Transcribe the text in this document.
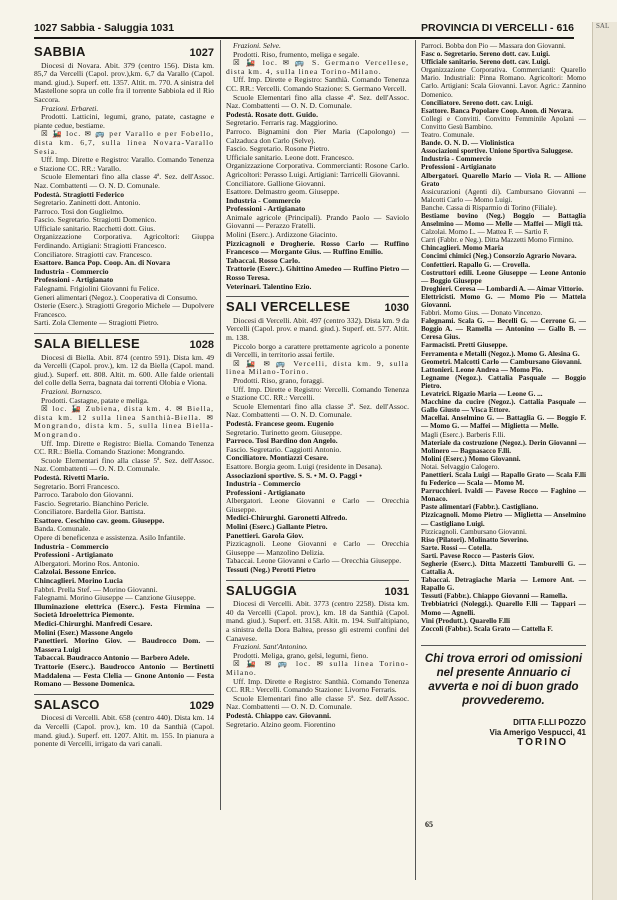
1027 Sabbia - Saluggia 1031	PROVINCIA DI VERCELLI - 616
SABBIA	1027

Diocesi di Novara. Abit. 379 (centro 156). Dista km. 85,7 da Vercelli (Capol. prov.),km. 6,7 da Varallo (Capol. mand. giud.). Superf. ett. 1357. Altit. m. 770. A sinistra del Mastellone sopra un colle fra il torrente Sabbiola ed il Rio Saccora.

Frazioni. Erbareti.

Prodotti. Latticini, legumi, grano, patate, castagne e piante cedue, bestiame.

☒ 🚂 loc. ✉ 🚌 per Varallo e per Fobello, dista km. 6,7, sulla linea Novara-Varallo Sesia.

Uff. Imp. Dirette e Registro: Varallo. Comando Tenenza e Stazione CC. RR.: Varallo.

Scuole Elementari fino alla classe 4ª. Sez. dell'Assoc. Naz. Combattenti — O. N. D. Comunale.

Podestà. Stragiotti Federico

Segretario. Zaninetti dott. Antonio.

Parroco. Tosi don Guglielmo.

Fascio. Segretario. Stragiotti Domenico.

Ufficiale sanitario. Racchetti dott. Gius.

Organizzazione Corporativa. Agricoltori: Giuppa Ferdinando. Artigiani: Stragiotti Francesco.

Conciliatore. Stragiotti cav. Francesco.

Esattore. Banca Pop. Coop. An. di Novara

Industria - Commercio

Professioni - Artigianato

Falegnami. Frigiolini Giovanni fu Felice.

Generi alimentari (Negoz.). Cooperativa di Consumo.

Osterie (Eserc.). Stragiotti Gregorio Michele — Dupolvere Francesco.

Sarti. Zola Clemente — Stragiotti Pietro.

SALA BIELLESE	1028

Diocesi di Biella. Abit. 874 (centro 591). Dista km. 49 da Vercelli (Capol. prov.), km. 12 da Biella (Capol. mand. giud.). Superf. ett. 808. Altit. m. 600. Alle falde orientali del colle della Serra, bagnata dai torrenti Olobia e Viona.

Frazioni. Bornasco.

Prodotti. Castagne, patate e meliga.

☒ loc. 🚂 Zubiena, dista km. 4. ✉ Biella, dista km. 12 sulla linea Santhià-Biella. ✉ Mongrando, dista km. 5, sulla linea Biella-Mongrando.

Uff. Imp. Dirette e Registro: Biella. Comando Tenenza CC. RR.: Biella. Comando Stazione: Mongrando.

Scuole Elementari fino alla classe 5ª. Sez. dell'Assoc. Naz. Combattenti — O. N. D. Comunale.

Podestà. Rivetti Mario.

Segretario. Borri Francesco.

Parroco. Tarabolo don Giovanni.

Fascio. Segretario. Bianchino Pericle.

Conciliatore. Bardella Gior. Battista.

Esattore. Ceschino cav. geom. Giuseppe.

Banda. Comunale.

Opere di beneficenza e assistenza. Asilo Infantile.

Industria - Commercio

Professioni - Artigianato

Albergatori. Morino Ros. Antonio.

Calzolai. Bessone Enrico.

Chincaglieri. Morino Lucia

Fabbri. Prella Stef. — Morino Giovanni.

Falegnami. Morino Giuseppe — Canzione Giuseppe.

Illuminazione elettrica (Eserc.). Festa Firmina — Società Idroelettrica Piemonte.

Medici-Chirurghi. Manfredi Cesare.

Molini (Eser.) Massone Angelo

Panettieri. Morino Giov. — Baudrocco Dom. — Massera Luigi

Tabaccai. Baudracco Antonio — Barbero Adele.

Trattorie (Eserc.). Baudrocco Antonio — Bertinetti Maddalena — Festa Clelia — Gnone Antonio — Festa Romano — Bessone Domenica.

SALASCO	1029

Diocesi di Vercelli. Abit. 658 (centro 440). Dista km. 14 da Vercelli (Capol. prov.), km. 10 da Santhià (Capol. mand. giud.). Superf. ett. 1207. Altit. m. 155. In pianura a ponente di Vercelli, irrigato da vari canali.

Frazioni. Selve.

Prodotti. Riso, frumento, meliga e segale.

☒ 🚂 loc. ✉ 🚌 S. Germano Vercellese, dista km. 4, sulla linea Torino-Milano.

Uff. Imp. Dirette e Registro: Santhià. Comando Tenenza CC. RR.: Vercelli. Comando Stazione: S. Germano Vercell.

Scuole Elementari fino alla classe 4ª. Sez. dell'Assoc. Naz. Combattenti — O. N. D. Comunale.

Podestà. Rosate dott. Guido.

Segretario. Ferraris rag. Maggiorino.

Parroco. Bignamini don Pier Maria (Capolongo) — Calzaduca don Carlo (Selve).

Fascio. Segretario. Rosone Pietro.

Ufficiale sanitario. Leone dott. Francesco.

Organizzazione Corporativa. Commercianti: Rosone Carlo. Agricoltori: Perasso Luigi. Artigiani: Tarricelli Giovanni.

Conciliatore. Gallione Giovanni.

Esattore. Delmastro geom. Giuseppe.

Industria - Commercio

Professioni - Artigianato

Animale agricole (Principali). Prando Paolo — Saviolo Giovanni — Perazzo Fratelli.

Molini (Eserc.). Ardizzone Giacinto.

Pizzicagnoli e Drogherie. Rosso Carlo — Ruffino Francesco — Morgante Gius. — Ruffino Emilio.

Tabaccai. Rosso Carlo.

Trattorie (Eserc.). Ghittino Amedeo — Ruffino Pietro — Rosso Teresa.

Veterinari. Talentino Ezio.

SALI VERCELLESE	1030

Diocesi di Vercelli. Abit. 497 (centro 332). Dista km. 9 da Vercelli (Capol. prov. e mand. giud.). Superf. ett. 577. Altit. m. 138.

Piccolo borgo a carattere prettamente agricolo a ponente di Vercelli, in territorio assai fertile.

☒ 🚂 ✉ 🚌 Vercelli, dista km. 9, sulla linea Milano-Torino.

Prodotti. Riso, grano, foraggi.

Uff. Imp. Dirette e Registro: Vercelli. Comando Tenenza e Stazione CC. RR.: Vercelli.

Scuole Elementari fino alla classe 3ª. Sez. dell'Assoc. Naz. Combattenti — O. N. D. Comunale.

Podestà. Francese geom. Eugenio

Segretario. Turinetto geom. Giuseppe.

Parroco. Tosi Bardino don Angelo.

Fascio. Segretario. Caggiotti Antonio.

Conciliatore. Montiazzi Cesare.

Esattore. Borgia geom. Luigi (residente in Desana).

Associazioni sportive. S. S. • M. O. Paggi •

Industria - Commercio

Professioni - Artigianato

Albergatori. Leone Giovanni e Carlo — Orecchia Giuseppe.

Medici-Chirurghi. Garonetti Alfredo.

Molini (Eserc.) Gallante Pietro.

Panettieri. Garola Giov.

Pizzicagnoli. Leone Giovanni e Carlo — Orecchia Giuseppe — Manzolino Delizia.

Tabaccai. Leone Giovanni e Carlo — Orecchia Giuseppe.

Tessuti (Neg.) Perotti Pietro

SALUGGIA	1031

Diocesi di Vercelli. Abit. 3773 (centro 2258). Dista km. 40 da Vercelli (Capol. prov.), km. 18 da Santhià (Capol. mand. giud.). Superf. ett. 3158. Altit. m. 194. Sull'altipiano, a sinistra della Dora Baltea, presso gli estremi confini del Canavese.

Frazioni. Sant'Antonino.

Prodotti. Meliga, grano, gelsi, legumi, fieno.

☒ 🚂 ✉ 🚌 loc. ✉ sulla linea Torino-Milano.

Uff. Imp. Dirette e Registro: Santhià. Comando Tenenza CC. RR.: Vercelli. Comando Stazione: Livorno Ferraris.

Scuole Elementari fino alle classe 5ª. Sez. dell'Assoc. Naz. Combattenti — O. N. D. Comunale.

Podestà. Chiappo cav. Giovanni.

Segretario. Alzino geom. Fiorentino

Parroci. Bobba don Pio — Massara don Giovanni.

Fasc o. Segretario. Sereno dott. cav. Luigi.

Ufficiale sanitario. Sereno dott. cav. Luigi.

Organizzazione Corporativa. Commercianti: Quarello Mario. Industriali: Pinna Romano. Agricoltori: Momo Carlo. Artigiani: Scala Giovanni. Lavor. Agric.: Zannino Domenico.

Conciliatore. Sereno dott. cav. Luigi.

Esattore. Banca Popolare Coop. Anon. di Novara.

Collegi e Convitti. Convitto Femminile Apolani — Convitto Gesù Bambino.

Teatro. Comunale.

Bande. O. N. D. — Violinistica

Associazioni sportive. Unione Sportiva Saluggese.

Industria - Commercio

Professioni - Artigianato

Albergatori. Quarello Mario — Viola R. — Allione Grato

Assicurazioni (Agenti di). Cambursano Giovanni — Malcotti Carlo — Momo Luigi.

Banche. Cassa di Risparmio di Torino (Filiale).

Bestiame bovino (Neg.) Boggio — Battaglia Anselmino — Momo — Melle — Maffei — Migli ttà.

Calzolai. Momo L. — Mattea F. — Sartio F.

Carri (Fabbr. e Neg.). Ditta Mazzetti Momo Firmino.

Chincaglieri. Momo Maria

Concimi chimici (Neg.) Consorzio Agrario Novara.

Confettieri. Rapallo G. — Crovella.

Costruttori edili. Leone Giuseppe — Leone Antonio — Boggio Giuseppe

Droghieri. Ceresa — Lombardi A. — Aimar Vittorio.

Elettricisti. Momo G. — Momo Pio — Mattela Giovanni.

Fabbri. Momo Gius. — Donato Vincenzo.

Falegnami. Scala G. — Becelli G. — Cerrone G. — Boggio A. — Ramella — Antonino — Gallo B. — Ceresa Gius.

Farmacisti. Pretti Giuseppe.

Ferramenta e Metalli (Negoz.). Momo G. Alesina G.

Geometri. Malcotti Carlo — Cambursano Giovanni.

Lattonieri. Leone Andrea — Momo Pio.

Legname (Negoz.). Cattalia Pasquale — Boggio Pietro.

Levatrici. Rigazio Maria — Leone G. ...

Macchine da cucire (Negoz.). Cattalia Pasquale — Gallo Giusto — Visca Ettore.

Macellai. Anselmino G. — Battaglia G. — Boggio F. — Momo G. — Maffei — Miglietta — Melle.

Magli (Eserc.). Barberis F.lli.

Materiale da costruzione (Negoz.). Derin Giovanni — Molinero — Bagnasacco F.lli.

Molini (Eserc.) Momo Giovanni.

Notai. Selvaggio Calogero.

Panettieri. Scala Luigi — Rapallo Grato — Scala F.lli fu Federico — Scala — Momo M.

Parrucchieri. Ivaldi — Pavese Rocco — Faghino — Monaco.

Paste alimentari (Fabbr.). Castigliano.

Pizzicagnoli. Momo Pietro — Miglietta — Anselmino — Castigliano Luigi.

Pizzicagnoli. Cambursano Giovanni.

Riso (Pilatori). Molinatto Severino.

Sarte. Rossi — Cotella.

Sarti. Pavese Rocco — Pasteris Giov.

Segherie (Eserc.). Ditta Mazzetti Tamburelli G. — Cattalia A.

Tabaccai. Detragiache Maria — Lemore Ant. — Rapallo G.

Tessuti (Fabbr.). Chiappo Giovanni — Ramella.

Trebbiatrici (Noleggi.). Quarello F.lli — Tappari — Momo — Agnelli.

Vini (Produtt.). Quarello F.lli

Zoccoli (Fabbr.). Scala Grato — Cattella F.

Chi trova errori od omissioni nel presente Annuario ci avverta e noi di buon grado provvederemo.
DITTA F.LLI POZZO
Via Amerigo Vespucci, 41
TORINO
65
SAL
